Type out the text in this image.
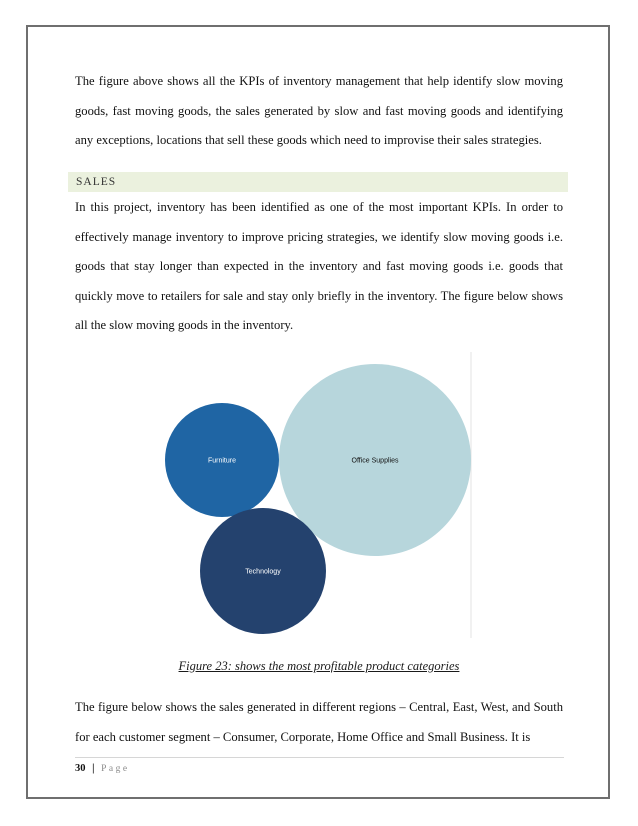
The figure above shows all the KPIs of inventory management that help identify slow moving goods, fast moving goods, the sales generated by slow and fast moving goods and identifying any exceptions, locations that sell these goods which need to improvise their sales strategies.

SALES

In this project, inventory has been identified as one of the most important KPIs. In order to effectively manage inventory to improve pricing strategies, we identify slow moving goods i.e. goods that stay longer than expected in the inventory and fast moving goods i.e. goods that quickly move to retailers for sale and stay only briefly in the inventory. The figure below shows all the slow moving goods in the inventory.

Furniture	Office Supplies
Technology
Figure 23: shows the most profitable product categories

The figure below shows the sales generated in different regions – Central, East, West, and South for each customer segment – Consumer, Corporate, Home Office and Small Business. It is

30 | Page
